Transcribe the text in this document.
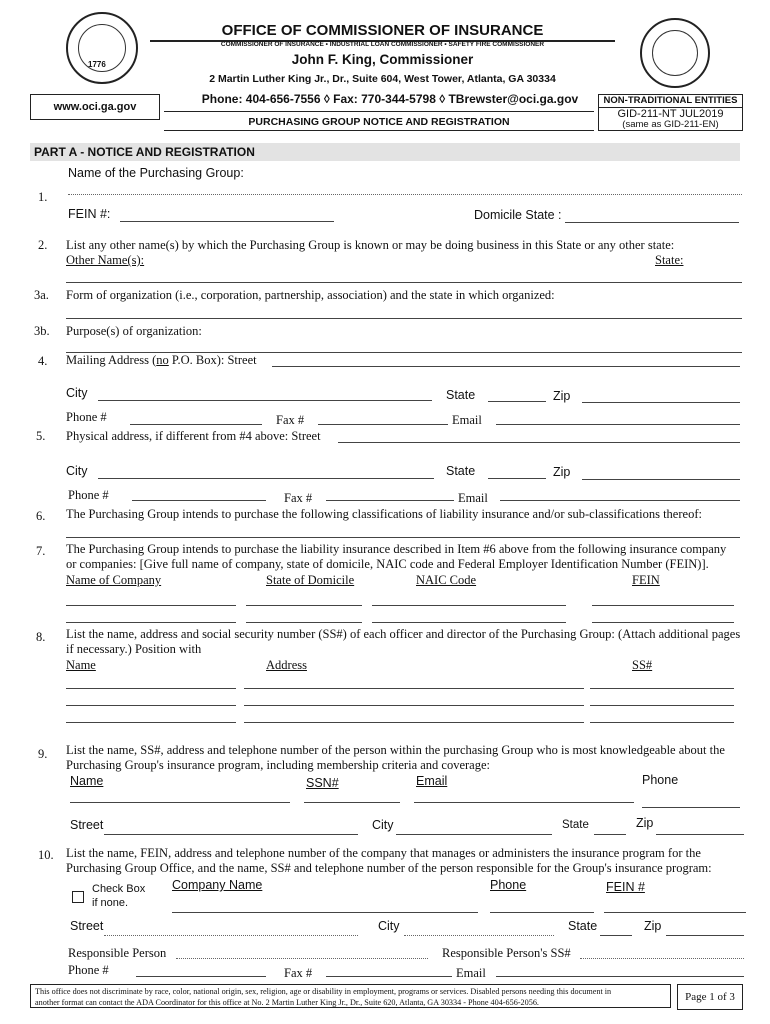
1776
OFFICE OF COMMISSIONER OF INSURANCE
COMMISSIONER OF INSURANCE • INDUSTRIAL LOAN COMMISSIONER • SAFETY FIRE COMMISSIONER
John F. King, Commissioner
2 Martin Luther King Jr., Dr., Suite 604, West Tower, Atlanta, GA 30334
Phone: 404-656-7556 ◊ Fax: 770-344-5798 ◊ TBrewster@oci.ga.gov
www.oci.ga.gov
PURCHASING GROUP NOTICE AND REGISTRATION
NON-TRADITIONAL ENTITIES
GID-211-NT JUL2019
(same as GID-211-EN)
PART A - NOTICE AND REGISTRATION
Name of the Purchasing Group:
1.
FEIN #:	Domicile State :
2. List any other name(s) by which the Purchasing Group is known or may be doing business in this State or any other state:
Other Name(s):	State:
3a. Form of organization (i.e., corporation, partnership, association) and the state in which organized:
3b. Purpose(s) of organization:
4. Mailing Address (no P.O. Box): Street
City	State	Zip
Phone #	Fax #	Email
5. Physical address, if different from #4 above: Street
City	State	Zip
Phone #	Fax #	Email
6. The Purchasing Group intends to purchase the following classifications of liability insurance and/or sub-classifications thereof:
7. The Purchasing Group intends to purchase the liability insurance described in Item #6 above from the following insurance company
or companies: [Give full name of company, state of domicile, NAIC code and Federal Employer Identification Number (FEIN)].
Name of Company	State of Domicile	NAIC Code	FEIN
8. List the name, address and social security number (SS#) of each officer and director of the Purchasing Group: (Attach additional pages
if necessary.) Position with
Name	Address	SS#
9. List the name, SS#, address and telephone number of the person within the purchasing Group who is most knowledgeable about the
Purchasing Group's insurance program, including membership criteria and coverage:
Name	SSN#	Email	Phone
Street	City	State	Zip
10. List the name, FEIN, address and telephone number of the company that manages or administers the insurance program for the
Purchasing Group Office, and the name, SS# and telephone number of the person responsible for the Group's insurance program:
Check Box
if none.
Company Name	Phone	FEIN #
Street	City	State	Zip
Responsible Person	Responsible Person's SS#
Phone #	Fax #	Email
This office does not discriminate by race, color, national origin, sex, religion, age or disability in employment, programs or services. Disabled persons needing this document in
another format can contact the ADA Coordinator for this office at No. 2 Martin Luther King Jr., Dr., Suite 620, Atlanta, GA 30334 - Phone 404-656-2056.	Page 1 of 3
